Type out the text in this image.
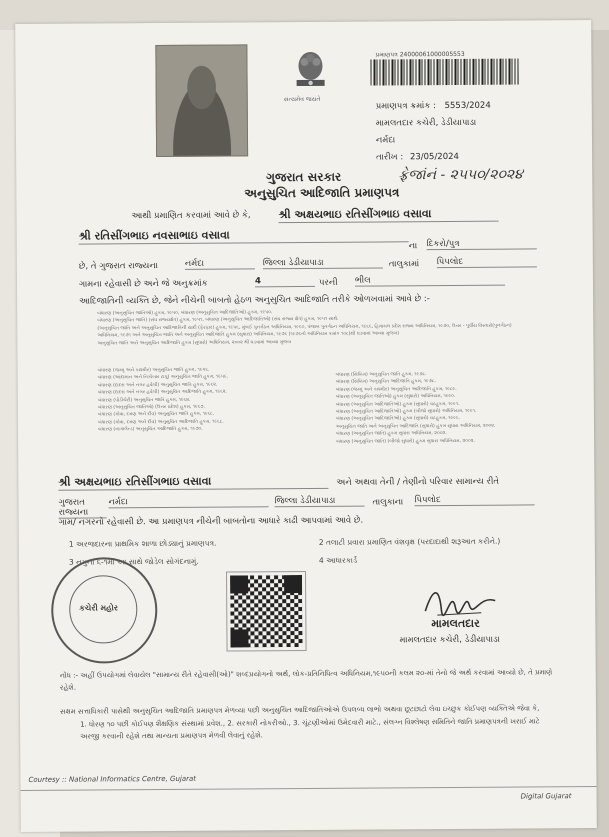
સત્યમેવ જયતે
પ્રમાણપત્ર 24000061000005553
પ્રમાણપત્ર ક્રમાંક : 5553/2024
મામલતદાર કચેરી, ડેડીયાપાડા
નર્મદા
તારીખ : 23/05/2024
ફ્રેજાંનં - ૨૫૫૦/૨૦૨૪
ગુજરાત સરકાર
અનુસુચિત આદિજાતિ પ્રમાણપત્ર
આથી પ્રમાણિત કરવામાં આવે છે કે,	શ્રી અક્ષયભાઇ રતિસીંગભાઇ વસાવા
શ્રી રતિસીંગભાઇ નવસાભાઇ વસાવા
ના દિકરો/પુત્ર
છે, તે ગુજરાત રાજ્યના	નર્મદા	જિલ્લા ડેડીયાપાડા	તાલુકામાં પિપલોદ
ગામના રહેવાસી છે અને જે અનુક્રમાંક	4	પરની ભીલ
આદિજાતિની વ્યક્તિ છે, જેને નીચેની બાબતો હેઠળ અનુસુચિત આદિજાતિ તરીકે ઓળખવામાં આવે છે :-
બંધારણ (અનુસુચિત જાતિઓ) હુકમ, ૧૯૫૦, બંધારણ (અનુસુચિત આદિજાતિઓ) હુકમ, ૧૯૫૦.
બંધારણ (અનુસુચિત જાતિ) (સંઘ રાજ્યક્ષેત્ર) હુકમ, ૧૯૫૧, બંધારણ (અનુસુચિત આદિજાતિઓ) (સંઘ રાજ્ય ક્ષેત્ર) હુકમ, ૧૯૫૧ સાથે.
(અનુસુચિત જાતિ અને અનુસુચિત આદિજાતિની યાદી (ફેરફાર) હુકમ, ૧૯૫૬, મુંબઈ પુનર્ગઠન અધિનિયમ, ૧૯૬૦, પંજાબ પુનર્ગઠન અધિનિયમ, ૧૯૬૬, હિમાચલ પ્રદેશ રાજ્ય અધિનિયમ, ૧૯૭૦, ઉત્તર - પૂર્વીય વિસ્તારો(પુનર્ગઠન)
અધિનિયમ, ૧૯૭૧ અને અનુસુચિત જાતિ અને અનુસુચિત આદિજાતિ હુકમ (સુધારા) અધિનિયમ, ૧૯૭૬ (૧૯૭૬નો અધિનિયમ ક્રમાંક ૧૦૮)થી ઘડવામાં આવ્યા મુજબ)
અનુસુચિત જાતિ અને અનુસુચિત આદિજાતિ હુકમ (સુધારો) અધિનિયમ, ૨૦૦૨ થી ઘડવામાં આવ્યા મુજબ
બંધારણ (જમ્મુ અને કાશ્મીર) અનુસુચિત જાતિ હુકમ, ૧૯૫૬.
બંધારણ (આંદામાન અને નિકોબાર ટાપુ) અનુસુચિત જાતિ હુકમ, ૧૯૫૯.
બંધારણ (દાદરા અને નગર હવેલી) અનુસુચિત જાતિ હુકમ, ૧૯૬૨.
બંધારણ (દાદરા અને નગર હવેલી) અનુસુચિત આદિજાતિ હુકમ, ૧૯૬૨.
બંધારણ (પોંડીચેરી) અનુસુચિત જાતિ હુકમ, ૧૯૬૪.
બંધારણ (અનુસુચિત જાતિઓ) (ઉત્તર પ્રદેશ) હુકમ, ૧૯૬૭.
બંધારણ (ગોવા, દમણ અને દીવ) અનુસુચિત જાતિ હુકમ, ૧૯૬૮.
બંધારણ (ગોવા, દમણ અને દીવ) અનુસુચિત આદિજાતિ હુકમ, ૧૯૬૮.
બંધારણ (નાગાલેન્ડ) અનુસુચિત આદિજાતિ હુકમ, ૧૯૭૦.
બંધારણ (સિક્કિમ) અનુસુચિત જાતિ હુકમ, ૧૯૭૮.
બંધારણ (સિક્કિમ) અનુસુચિત આદિજાતિ હુકમ, ૧૯૭૮.
બંધારણ (જમ્મુ અને કાશ્મીર) અનુસુચિત આદિજાતિ હુકમ, ૧૯૮૯.
બંધારણ (અનુસુચિત જાતિઓ) હુકમ (સુધારો) અધિનિયમ, ૧૯૯૦.
બંધારણ (અનુસુચિત આદિજાતિઓ) હુકમ (સુધારો) વટહુકમ, ૧૯૯૧.
બંધારણ (અનુસુચિત આદિજાતિઓ) હુકમ (બીજો સુધારો) અધિનિયમ, ૧૯૯૧.
બંધારણ (અનુસુચિત આદિજાતિઓ) હુકમ (સુધારો) વટહુકમ, ૧૯૯૬.
અનુસુચિત જાતિ અને અનુસુચિત આદિજાતિ (સુધારો) હુકમ સુધારા અધિનિયમ, ૨૦૦૨.
બંધારણ (અનુસુચિત જાતિ) હુકમ સુધારા અધિનિયમ, ૨૦૦૨.
બંધારણ (અનુસુચિત જાતિ) (બીજો સુધારો) હુકમ સુધારા અધિનિયમ, ૨૦૦૨.
શ્રી અક્ષયભાઇ રતિસીંગભાઇ વસાવા	અને અથવા તેની / તેણીનો પરિવાર સામાન્ય રીતે
ગુજરાત રાજ્યના
નર્મદા	જિલ્લા ડેડીયાપાડા	તાલુકાના પિપલોદ
ગામ/ નગરનો રહેવાસી છે. આ પ્રમાણપત્ર નીચેની બાબતોના આધારે કાઢી આપવામાં આવે છે.
1 અરજદારના પ્રાથમિક શાળા છોડ્યાનું પ્રમાણપત્ર.	2 તલાટી પ્રવારા પ્રમાણિત વંશવૃક્ષ (પરદાદાથી શરૂઆત કરીને.)
3 નમુના ૬-૧માં આ સાથે જોડેલ સોગંદનામું.	4 આધારકાર્ડ
કચેરી મહોર
મામલતદાર
મામલતદાર કચેરી, ડેડીયાપાડા
નોંધ :- અહીં ઉપયોગમાં લેવાયેલ "સામાન્ય રીતે રહેવાસી(ઓ)" શબ્દપ્રયોગનો અર્થ, લોક-પ્રતિનિધિત્વ અધિનિયમ,૧૯૫૦ની કલમ ૨૦-માં તેનો જે અર્થ કરવામાં આવ્યો છે, તે પ્રમાણે રહેશે.
સક્ષમ સત્તાધિકારી પાસેથી અનુસુચિત આદિજાતિ પ્રમાણપત્ર મેળવ્યા પછી અનુસુચિત આદિજાતિઓએ ઉપલબ્ધ લાભો અથવા છૂટછાટો લેવા ઇચ્છુક કોઈપણ વ્યક્તિએ જેવા કે,
1. ધોરણ ૧૦ પછી કોઈપણ શૈક્ષણિક સંસ્થામાં પ્રવેશ., 2. સરકારી નોકરીઓ., 3. ચૂંટણીઓમાં ઉમેદવારી માટે., સંલગ્ન વિશ્લેષણ સમિતિને જાતિ પ્રમાણપત્રની ખરાઈ માટે અરજી કરવાની રહેશે તથા માન્યતા પ્રમાણપત્ર મેળવી લેવાનું રહેશે.
Courtesy :: National Informatics Centre, Gujarat
Digital Gujarat
